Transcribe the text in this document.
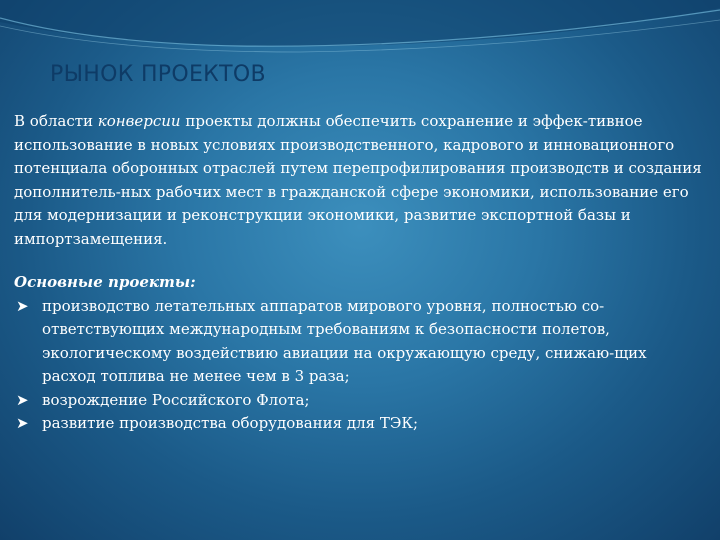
РЫНОК ПРОЕКТОВ

В области конверсии проекты должны обеспечить сохранение и эффек-тивное использование в новых условиях производственного, кадрового и инновационного потенциала оборонных отраслей путем перепрофилирования производств и создания дополнитель-ных рабочих мест в гражданской сфере экономики, использование его для модернизации и реконструкции экономики, развитие экспортной базы и импортзамещения.

Основные проекты:

➤ производство летательных аппаратов мирового уровня, полностью со-ответствующих международным требованиям к безопасности полетов, экологическому воздействию авиации на окружающую среду, снижаю-щих расход топлива не менее чем в 3 раза;
➤ возрождение Российского Флота;
➤ развитие производства оборудования для ТЭК;
